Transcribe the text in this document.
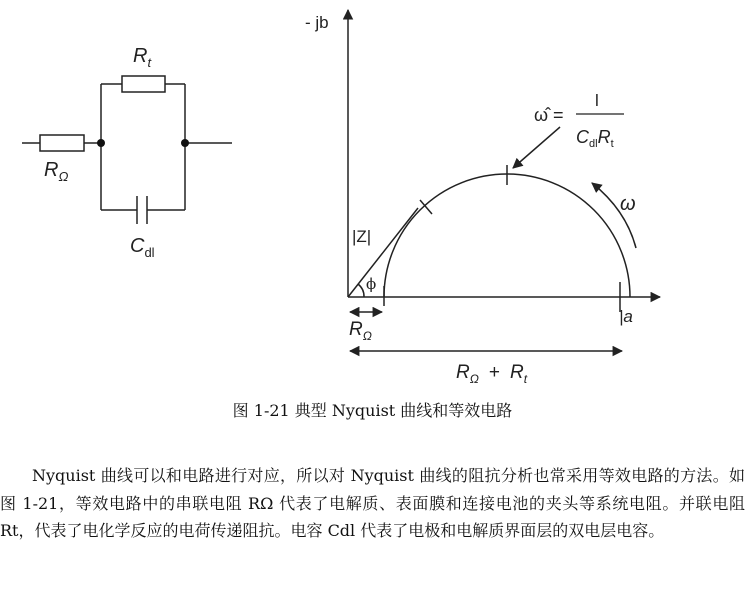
$R_t$
$R_\Omega$
$C_{dl}$
- jb
|Z|
ϕ
ω
|a
ω̂ =
l
$C_{dl}R_t$
$R_\Omega$
$R_\Omega + R_t$
图 1-21 典型 Nyquist 曲线和等效电路

Nyquist 曲线可以和电路进行对应，所以对 Nyquist 曲线的阻抗分析也常采用等效电路的方法。如图 1-21，等效电路中的串联电阻 RΩ 代表了电解质、表面膜和连接电池的夹头等系统电阻。并联电阻 Rt，代表了电化学反应的电荷传递阻抗。电容 Cdl 代表了电极和电解质界面层的双电层电容。
